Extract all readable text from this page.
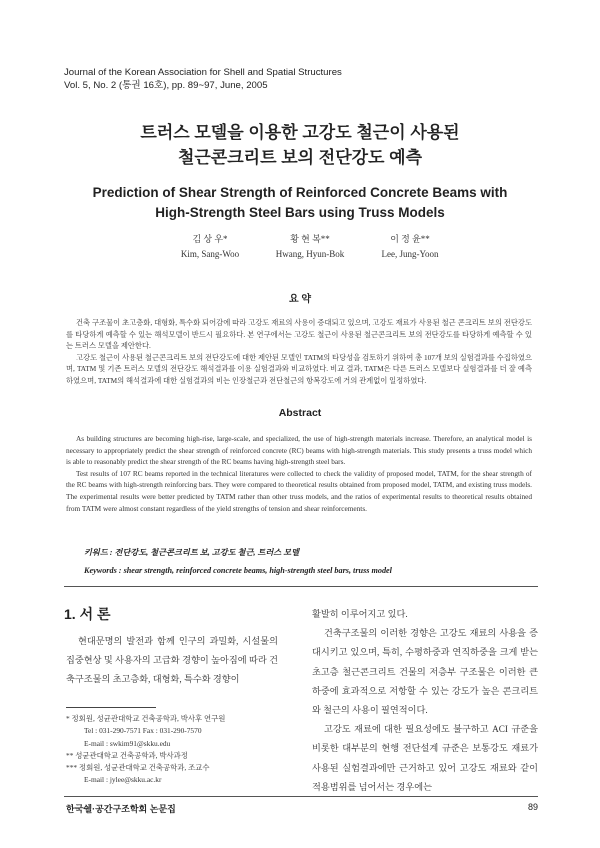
Journal of the Korean Association for Shell and Spatial Structures
Vol. 5, No. 2 (통권 16호), pp. 89~97, June, 2005
트러스 모델을 이용한 고강도 철근이 사용된
철근콘크리트 보의 전단강도 예측
Prediction of Shear Strength of Reinforced Concrete Beams with
High-Strength Steel Bars using Truss Models
김 상 우*
Kim, Sang-Woo
황 현 복**
Hwang, Hyun-Bok
이 정 윤**
Lee, Jung-Yoon
요 약

건축 구조물이 초고층화, 대형화, 특수화 되어감에 따라 고강도 재료의 사용이 증대되고 있으며, 고강도 재료가 사용된 철근 콘크리트 보의 전단강도를 타당하게 예측할 수 있는 해석모델이 반드시 필요하다. 본 연구에서는 고강도 철근이 사용된 철근콘크리트 보의 전단강도를 타당하게 예측할 수 있는 트러스 모델을 제안한다.

고강도 철근이 사용된 철근콘크리트 보의 전단강도에 대한 제안된 모델인 TATM의 타당성을 검토하기 위하여 총 107개 보의 실험결과를 수집하였으며, TATM 및 기존 트러스 모델의 전단강도 해석결과를 이용 실험결과와 비교하였다. 비교 결과, TATM은 다른 트러스 모델보다 실험결과를 더 잘 예측하였으며, TATM의 해석결과에 대한 실험결과의 비는 인장철근과 전단철근의 항복강도에 거의 관계없이 일정하였다.

Abstract

As building structures are becoming high-rise, large-scale, and specialized, the use of high-strength materials increase. Therefore, an analytical model is necessary to appropriately predict the shear strength of reinforced concrete (RC) beams with high-strength materials. This study presents a truss model which is able to reasonably predict the shear strength of the RC beams having high-strength steel bars.

Test results of 107 RC beams reported in the technical literatures were collected to check the validity of proposed model, TATM, for the shear strength of the RC beams with high-strength reinforcing bars. They were compared to theoretical results obtained from proposed model, TATM, and existing truss models. The experimental results were better predicted by TATM rather than other truss models, and the ratios of experimental results to theoretical results obtained from TATM were almost constant regardless of the yield strengths of tension and shear reinforcements.

키워드 : 전단강도, 철근콘크리트 보, 고강도 철근, 트러스 모델
Keywords : shear strength, reinforced concrete beams, high-strength steel bars, truss model
1. 서 론

현대문명의 발전과 함께 인구의 과밀화, 시설물의 집중현상 및 사용자의 고급화 경향이 높아짐에 따라 건축구조물의 초고층화, 대형화, 특수화 경향이

활발히 이루어지고 있다.

건축구조물의 이러한 경향은 고강도 재료의 사용을 증대시키고 있으며, 특히, 수평하중과 연직하중을 크게 받는 초고층 철근콘크리트 건물의 저층부 구조물은 이러한 큰 하중에 효과적으로 저항할 수 있는 강도가 높은 콘크리트와 철근의 사용이 필연적이다.

고강도 재료에 대한 필요성에도 불구하고 ACI 규준을 비롯한 대부분의 현행 전단설계 규준은 보통강도 재료가 사용된 실험결과에만 근거하고 있어 고강도 재료와 같이 적용범위를 넘어서는 경우에는

* 정회원, 성균관대학교 건축공학과, 박사후 연구원
Tel : 031-290-7571 Fax : 031-290-7570
E-mail : swkim91@skku.edu
** 성균관대학교 건축공학과, 박사과정
*** 정회원, 성균관대학교 건축공학과, 조교수
E-mail : jylee@skku.ac.kr
한국쉘·공간구조학회 논문집	89
